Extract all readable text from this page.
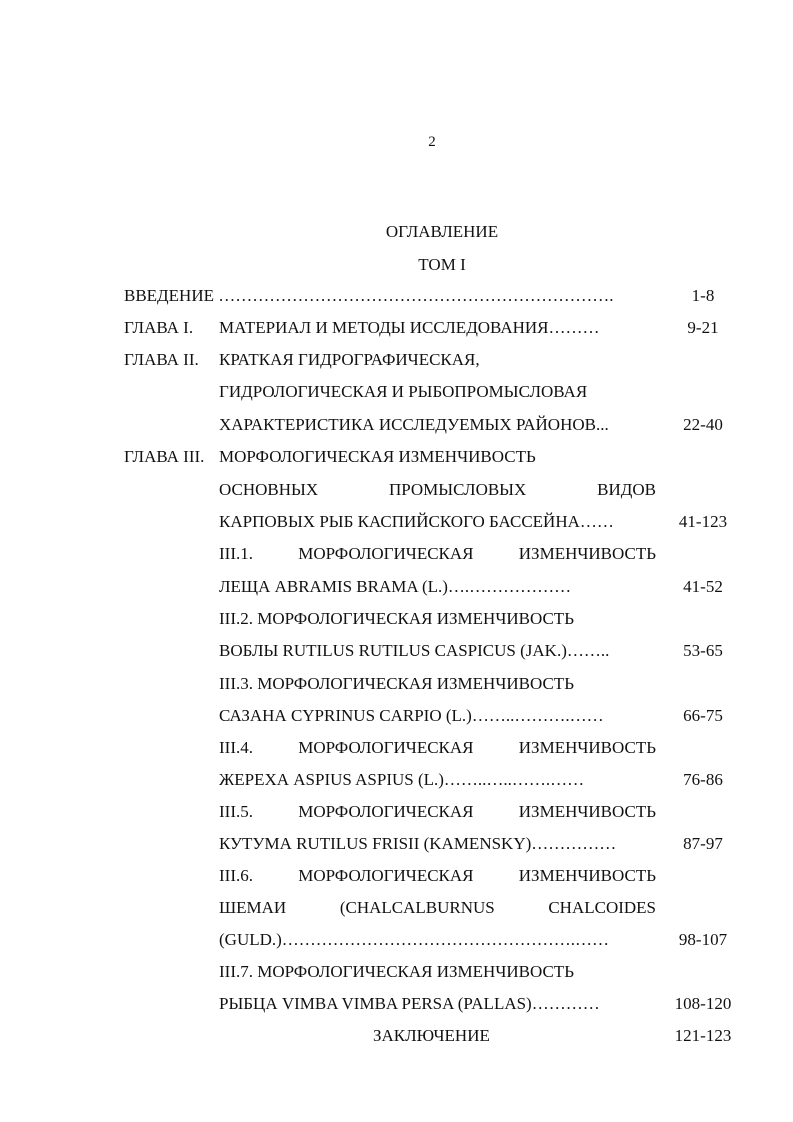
2
ОГЛАВЛЕНИЕ
ТОМ I
ВВЕДЕНИЕ …………………………………………………………….	1-8
ГЛАВА I. МАТЕРИАЛ И МЕТОДЫ ИССЛЕДОВАНИЯ………	9-21
ГЛАВА II. КРАТКАЯ ГИДРОГРАФИЧЕСКАЯ,
ГИДРОЛОГИЧЕСКАЯ И РЫБОПРОМЫСЛОВАЯ
ХАРАКТЕРИСТИКА ИССЛЕДУЕМЫХ РАЙОНОВ...	22-40
ГЛАВА III. МОРФОЛОГИЧЕСКАЯ ИЗМЕНЧИВОСТЬ
ОСНОВНЫХ	ПРОМЫСЛОВЫХ	ВИДОВ
КАРПОВЫХ РЫБ КАСПИЙСКОГО БАССЕЙНА……	41-123
III.1.	МОРФОЛОГИЧЕСКАЯ	ИЗМЕНЧИВОСТЬ
ЛЕЩА ABRAMIS BRAMA (L.)….………………	41-52
III.2. МОРФОЛОГИЧЕСКАЯ ИЗМЕНЧИВОСТЬ
ВОБЛЫ RUTILUS RUTILUS CASPICUS (JAK.)……..	53-65
III.3. МОРФОЛОГИЧЕСКАЯ ИЗМЕНЧИВОСТЬ
САЗАНА CYPRINUS CARPIO (L.)……..……….……	66-75
III.4.	МОРФОЛОГИЧЕСКАЯ	ИЗМЕНЧИВОСТЬ
ЖЕРЕХА ASPIUS ASPIUS (L.)……..…..…….……	76-86
III.5.	МОРФОЛОГИЧЕСКАЯ	ИЗМЕНЧИВОСТЬ
КУТУМА RUTILUS FRISII (KAMENSKY)……………	87-97
III.6.	МОРФОЛОГИЧЕСКАЯ	ИЗМЕНЧИВОСТЬ
ШЕМАИ	(CHALCALBURNUS	CHALCOIDES
(GULD.)…………………………………………….……	98-107
III.7. МОРФОЛОГИЧЕСКАЯ ИЗМЕНЧИВОСТЬ
РЫБЦА VIMBA VIMBA PERSA (PALLAS)…………	108-120
ЗАКЛЮЧЕНИЕ	121-123
